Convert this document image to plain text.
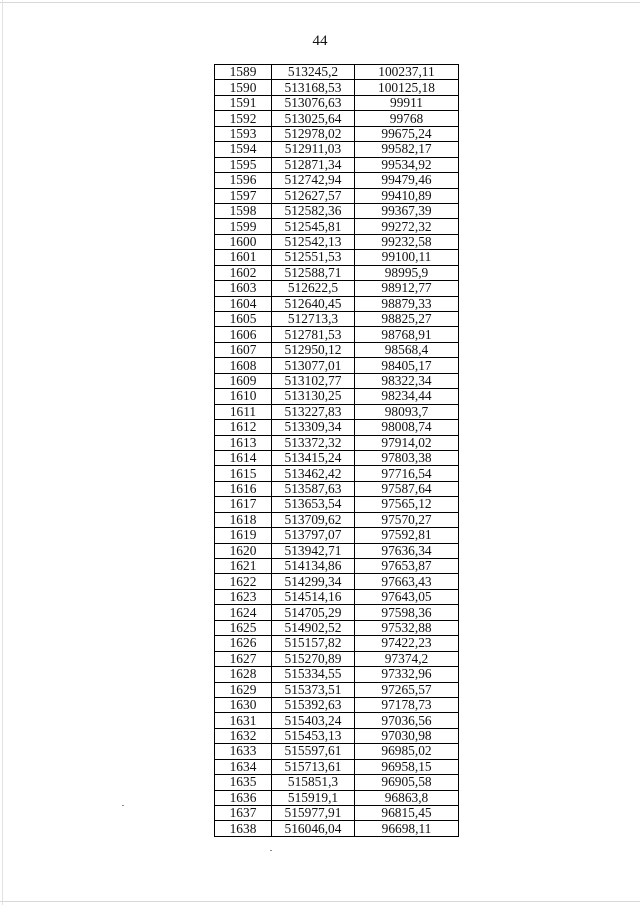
44
1589	513245,2	100237,11
1590	513168,53	100125,18
1591	513076,63	99911
1592	513025,64	99768
1593	512978,02	99675,24
1594	512911,03	99582,17
1595	512871,34	99534,92
1596	512742,94	99479,46
1597	512627,57	99410,89
1598	512582,36	99367,39
1599	512545,81	99272,32
1600	512542,13	99232,58
1601	512551,53	99100,11
1602	512588,71	98995,9
1603	512622,5	98912,77
1604	512640,45	98879,33
1605	512713,3	98825,27
1606	512781,53	98768,91
1607	512950,12	98568,4
1608	513077,01	98405,17
1609	513102,77	98322,34
1610	513130,25	98234,44
1611	513227,83	98093,7
1612	513309,34	98008,74
1613	513372,32	97914,02
1614	513415,24	97803,38
1615	513462,42	97716,54
1616	513587,63	97587,64
1617	513653,54	97565,12
1618	513709,62	97570,27
1619	513797,07	97592,81
1620	513942,71	97636,34
1621	514134,86	97653,87
1622	514299,34	97663,43
1623	514514,16	97643,05
1624	514705,29	97598,36
1625	514902,52	97532,88
1626	515157,82	97422,23
1627	515270,89	97374,2
1628	515334,55	97332,96
1629	515373,51	97265,57
1630	515392,63	97178,73
1631	515403,24	97036,56
1632	515453,13	97030,98
1633	515597,61	96985,02
1634	515713,61	96958,15
1635	515851,3	96905,58
1636	515919,1	96863,8
1637	515977,91	96815,45
1638	516046,04	96698,11
